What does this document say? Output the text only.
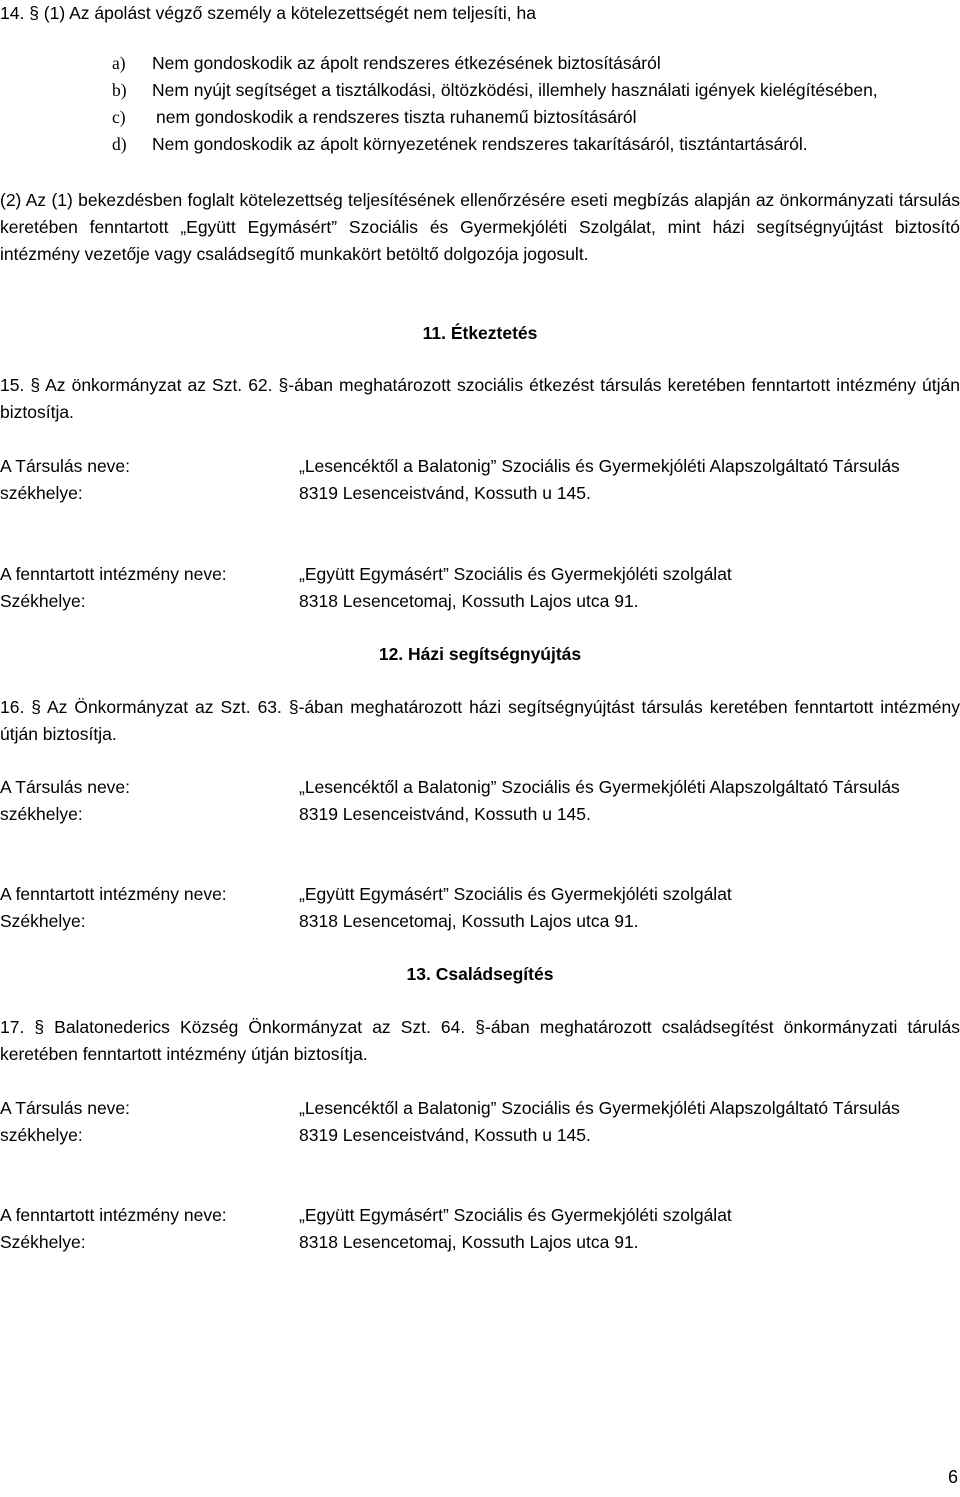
14. § (1) Az ápolást végző személy a kötelezettségét nem teljesíti, ha

a)	Nem gondoskodik az ápolt rendszeres étkezésének biztosításáról
b)	Nem nyújt segítséget a tisztálkodási, öltözködési, illemhely használati igények kielégítésében,
c)	nem gondoskodik a rendszeres tiszta ruhanemű biztosításáról
d)	Nem gondoskodik az ápolt környezetének rendszeres takarításáról, tisztántartásáról.

(2) Az (1) bekezdésben foglalt kötelezettség teljesítésének ellenőrzésére eseti megbízás alapján az önkormányzati társulás keretében fenntartott „Együtt Egymásért” Szociális és Gyermekjóléti Szolgálat, mint házi segítségnyújtást biztosító intézmény vezetője vagy családsegítő munkakört betöltő dolgozója jogosult.

11. Étkeztetés

15. § Az önkormányzat az Szt. 62. §-ában meghatározott szociális étkezést társulás keretében fenntartott intézmény útján biztosítja.

A Társulás neve:	„Lesencéktől a Balatonig” Szociális és Gyermekjóléti Alapszolgáltató Társulás
székhelye:	8319 Lesenceistvánd, Kossuth u 145.
A fenntartott intézmény neve:	„Együtt Egymásért” Szociális és Gyermekjóléti szolgálat
Székhelye:	8318 Lesencetomaj, Kossuth Lajos utca 91.
12. Házi segítségnyújtás

16. § Az Önkormányzat az Szt. 63. §-ában meghatározott házi segítségnyújtást társulás keretében fenntartott intézmény útján biztosítja.

A Társulás neve:	„Lesencéktől a Balatonig” Szociális és Gyermekjóléti Alapszolgáltató Társulás
székhelye:	8319 Lesenceistvánd, Kossuth u 145.
A fenntartott intézmény neve:	„Együtt Egymásért” Szociális és Gyermekjóléti szolgálat
Székhelye:	8318 Lesencetomaj, Kossuth Lajos utca 91.
13. Családsegítés

17. § Balatonederics Község Önkormányzat az Szt. 64. §-ában meghatározott családsegítést önkormányzati tárulás keretében fenntartott intézmény útján biztosítja.

A Társulás neve:	„Lesencéktől a Balatonig” Szociális és Gyermekjóléti Alapszolgáltató Társulás
székhelye:	8319 Lesenceistvánd, Kossuth u 145.
A fenntartott intézmény neve:	„Együtt Egymásért” Szociális és Gyermekjóléti szolgálat
Székhelye:	8318 Lesencetomaj, Kossuth Lajos utca 91.
6
